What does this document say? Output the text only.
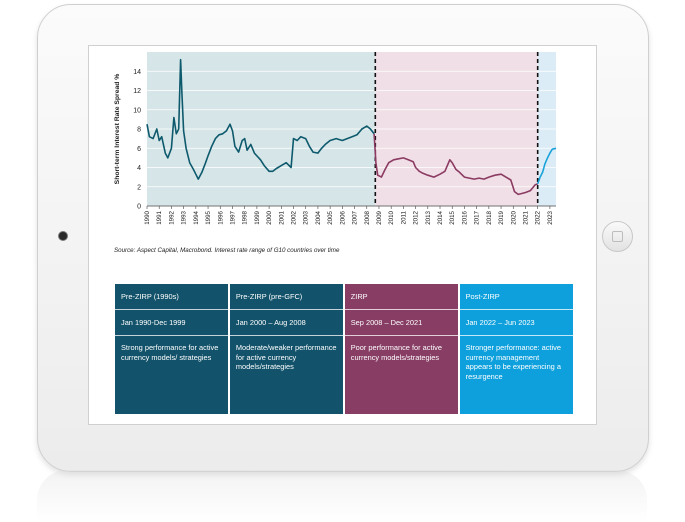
0
2
4
6
8
10
12
14
1990 1991 1992 1993 1994 1995 1996 1997 1998 1999 2000 2001 2002 2003 2004 2005 2006 2007 2008 2009 2010 2011 2012 2013 2014 2015 2016 2017 2018 2019 2020 2021 2022 2023
Short-term Interest Rate Spread %
Source: Aspect Capital, Macrobond. Interest rate range of G10 countries over time
Pre-ZIRP (1990s)
Jan 1990-Dec 1999
Strong performance for active currency models/ strategies
Pre-ZIRP (pre-GFC)
Jan 2000 – Aug 2008
Moderate/weaker performance for active currency models/strategies
ZIRP
Sep 2008 – Dec 2021
Poor performance for active currency models/strategies
Post-ZIRP
Jan 2022 – Jun 2023
Stronger performance: active currency management appears to be experiencing a resurgence
